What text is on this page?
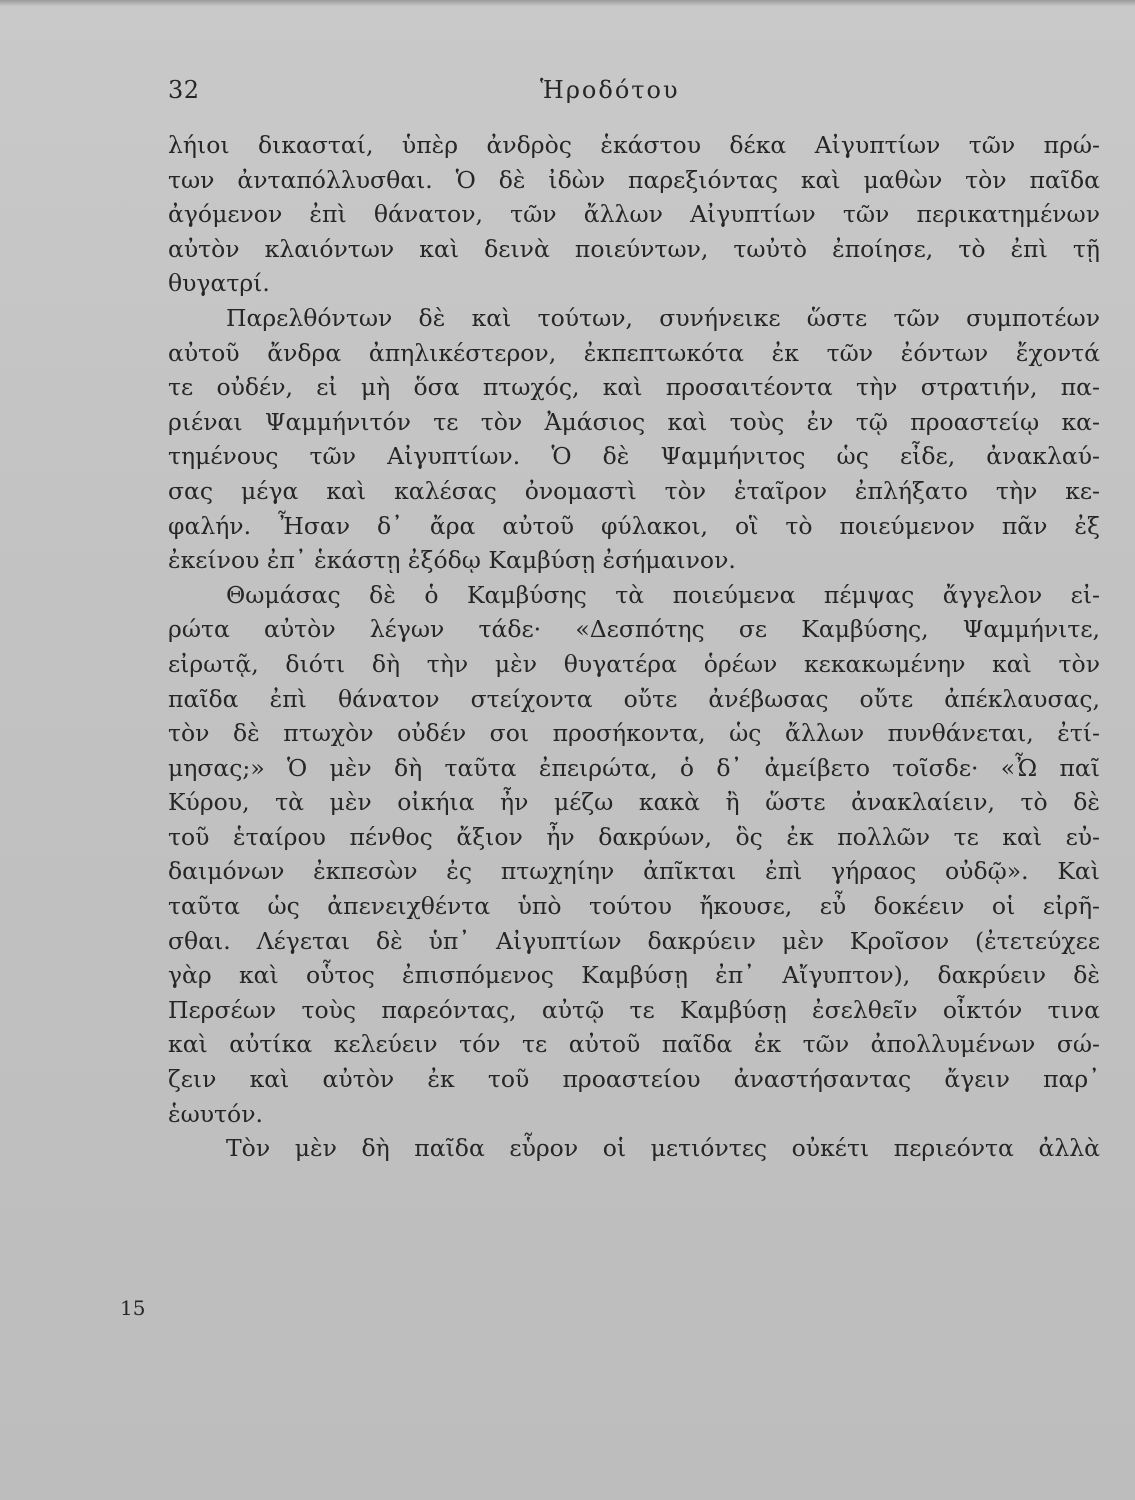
32	Ἡροδότου
15
λήιοι δικασταί, ὑπὲρ ἀνδρὸς ἑκάστου δέκα Αἰγυπτίων τῶν πρώ-
των ἀνταπόλλυσθαι. Ὁ δὲ ἰδὼν παρεξιόντας καὶ μαθὼν τὸν παῖδα
ἀγόμενον ἐπὶ θάνατον, τῶν ἄλλων Αἰγυπτίων τῶν περικατημένων
αὐτὸν κλαιόντων καὶ δεινὰ ποιεύντων, τωὐτὸ ἐποίησε, τὸ ἐπὶ τῇ
θυγατρί.
Παρελθόντων δὲ καὶ τούτων, συνήνεικε ὥστε τῶν συμποτέων
αὐτοῦ ἄνδρα ἀπηλικέστερον, ἐκπεπτωκότα ἐκ τῶν ἐόντων ἔχοντά
τε οὐδέν, εἰ μὴ ὅσα πτωχός, καὶ προσαιτέοντα τὴν στρατιήν, πα-
ριέναι Ψαμμήνιτόν τε τὸν Ἀμάσιος καὶ τοὺς ἐν τῷ προαστείῳ κα-
τημένους τῶν Αἰγυπτίων. Ὁ δὲ Ψαμμήνιτος ὡς εἶδε, ἀνακλαύ-
σας μέγα καὶ καλέσας ὀνομαστὶ τὸν ἑταῖρον ἐπλήξατο τὴν κε-
φαλήν. Ἦσαν δ᾽ ἄρα αὐτοῦ φύλακοι, οἳ τὸ ποιεύμενον πᾶν ἐξ
ἐκείνου ἐπ᾽ ἑκάστῃ ἐξόδῳ Καμβύσῃ ἐσήμαινον.
Θωμάσας δὲ ὁ Καμβύσης τὰ ποιεύμενα πέμψας ἄγγελον εἰ-
ρώτα αὐτὸν λέγων τάδε· «Δεσπότης σε Καμβύσης, Ψαμμήνιτε,
εἰρωτᾷ, διότι δὴ τὴν μὲν θυγατέρα ὁρέων κεκακωμένην καὶ τὸν
παῖδα ἐπὶ θάνατον στείχοντα οὔτε ἀνέβωσας οὔτε ἀπέκλαυσας,
τὸν δὲ πτωχὸν οὐδέν σοι προσήκοντα, ὡς ἄλλων πυνθάνεται, ἐτί-
μησας;» Ὁ μὲν δὴ ταῦτα ἐπειρώτα, ὁ δ᾽ ἀμείβετο τοῖσδε· «Ὦ παῖ
Κύρου, τὰ μὲν οἰκήια ἦν μέζω κακὰ ἢ ὥστε ἀνακλαίειν, τὸ δὲ
τοῦ ἑταίρου πένθος ἄξιον ἦν δακρύων, ὃς ἐκ πολλῶν τε καὶ εὐ-
δαιμόνων ἐκπεσὼν ἐς πτωχηίην ἀπῖκται ἐπὶ γήραος οὐδῷ». Καὶ
ταῦτα ὡς ἀπενειχθέντα ὑπὸ τούτου ἤκουσε, εὖ δοκέειν οἱ εἰρῆ-
σθαι. Λέγεται δὲ ὑπ᾽ Αἰγυπτίων δακρύειν μὲν Κροῖσον (ἐτετεύχεε
γὰρ καὶ οὗτος ἐπισπόμενος Καμβύσῃ ἐπ᾽ Αἴγυπτον), δακρύειν δὲ
Περσέων τοὺς παρεόντας, αὐτῷ τε Καμβύσῃ ἐσελθεῖν οἶκτόν τινα
καὶ αὐτίκα κελεύειν τόν τε αὐτοῦ παῖδα ἐκ τῶν ἀπολλυμένων σώ-
ζειν καὶ αὐτὸν ἐκ τοῦ προαστείου ἀναστήσαντας ἄγειν παρ᾽
ἑωυτόν.
Τὸν μὲν δὴ παῖδα εὗρον οἱ μετιόντες οὐκέτι περιεόντα ἀλλὰ
